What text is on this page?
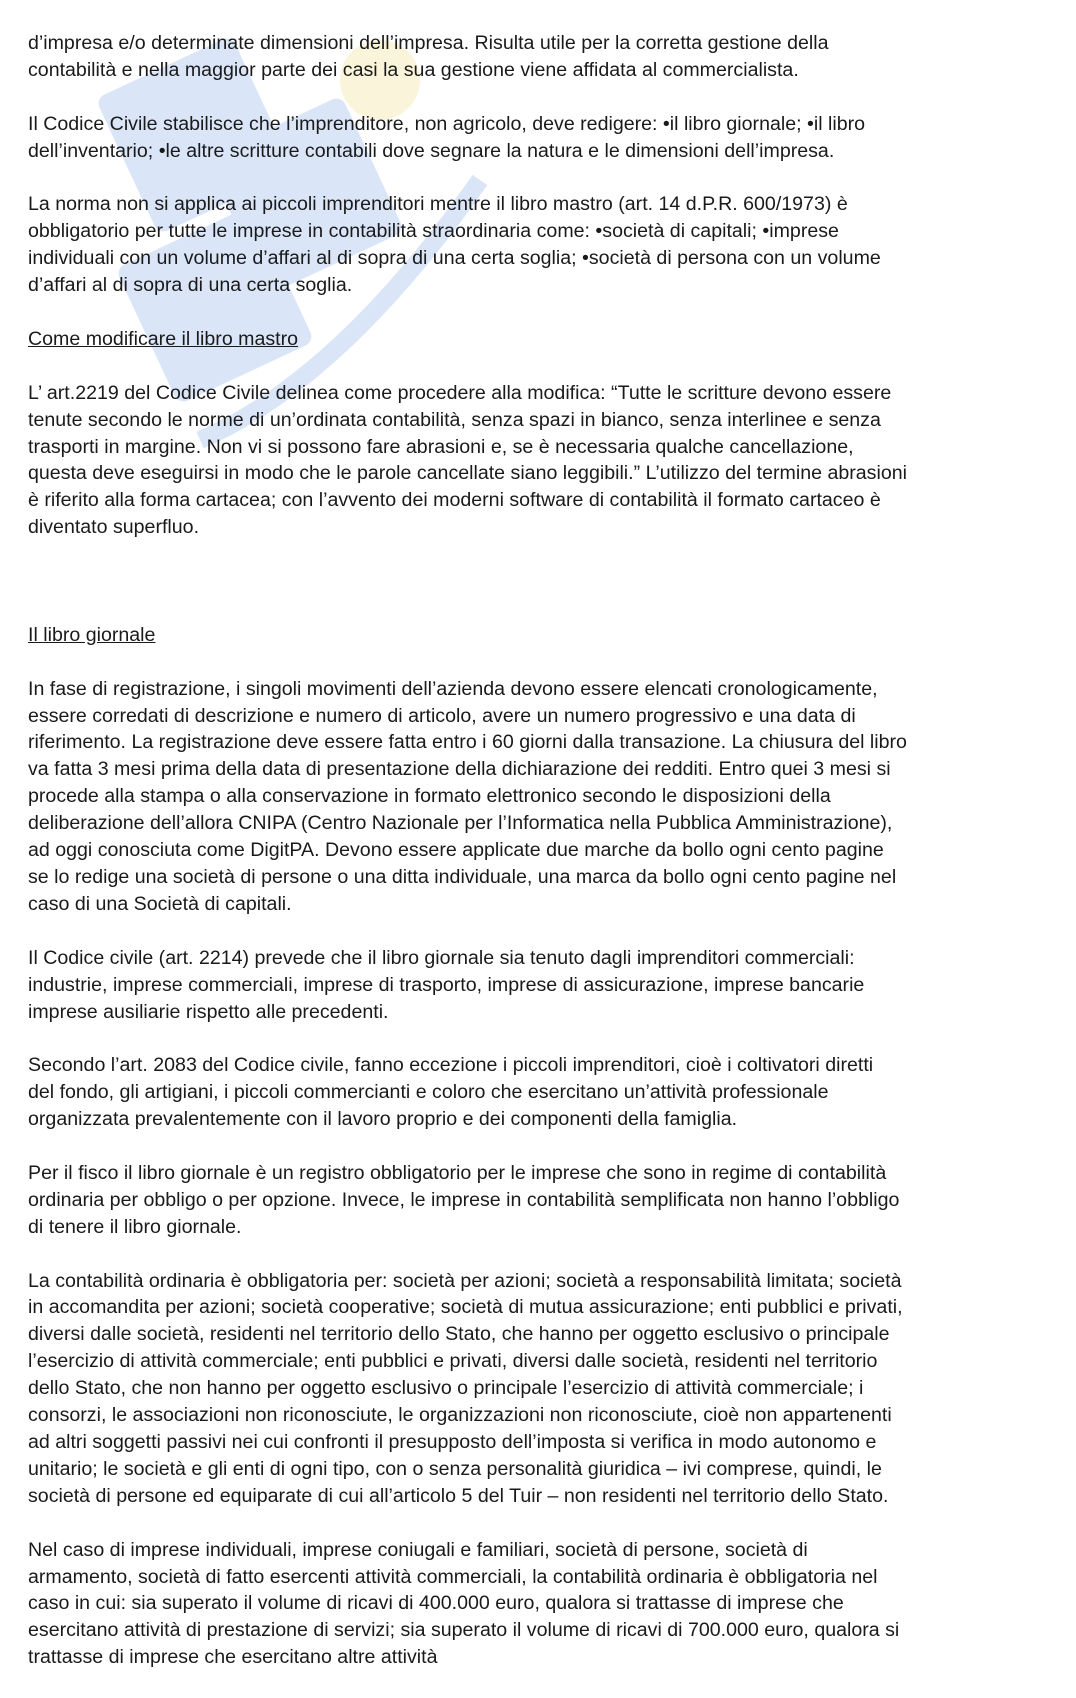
d’impresa e/o determinate dimensioni dell’impresa. Risulta utile per la corretta gestione della
contabilità e nella maggior parte dei casi la sua gestione viene affidata al commercialista.

Il Codice Civile stabilisce che l’imprenditore, non agricolo, deve redigere: •il libro giornale; •il libro
dell’inventario; •le altre scritture contabili dove segnare la natura e le dimensioni dell’impresa.

La norma non si applica ai piccoli imprenditori mentre il libro mastro (art. 14 d.P.R. 600/1973) è
obbligatorio per tutte le imprese in contabilità straordinaria come: •società di capitali; •imprese
individuali con un volume d’affari al di sopra di una certa soglia; •società di persona con un volume
d’affari al di sopra di una certa soglia.

Come modificare il libro mastro

L’ art.2219 del Codice Civile delinea come procedere alla modifica: “Tutte le scritture devono essere
tenute secondo le norme di un’ordinata contabilità, senza spazi in bianco, senza interlinee e senza
trasporti in margine. Non vi si possono fare abrasioni e, se è necessaria qualche cancellazione,
questa deve eseguirsi in modo che le parole cancellate siano leggibili.” L’utilizzo del termine abrasioni
è riferito alla forma cartacea; con l’avvento dei moderni software di contabilità il formato cartaceo è
diventato superfluo.

Il libro giornale

In fase di registrazione, i singoli movimenti dell’azienda devono essere elencati cronologicamente,
essere corredati di descrizione e numero di articolo, avere un numero progressivo e una data di
riferimento. La registrazione deve essere fatta entro i 60 giorni dalla transazione. La chiusura del libro
va fatta 3 mesi prima della data di presentazione della dichiarazione dei redditi. Entro quei 3 mesi si
procede alla stampa o alla conservazione in formato elettronico secondo le disposizioni della
deliberazione dell’allora CNIPA (Centro Nazionale per l’Informatica nella Pubblica Amministrazione),
ad oggi conosciuta come DigitPA. Devono essere applicate due marche da bollo ogni cento pagine
se lo redige una società di persone o una ditta individuale, una marca da bollo ogni cento pagine nel
caso di una Società di capitali.

Il Codice civile (art. 2214) prevede che il libro giornale sia tenuto dagli imprenditori commerciali:
industrie, imprese commerciali, imprese di trasporto, imprese di assicurazione, imprese bancarie
imprese ausiliarie rispetto alle precedenti.

Secondo l’art. 2083 del Codice civile, fanno eccezione i piccoli imprenditori, cioè i coltivatori diretti
del fondo, gli artigiani, i piccoli commercianti e coloro che esercitano un’attività professionale
organizzata prevalentemente con il lavoro proprio e dei componenti della famiglia.

Per il fisco il libro giornale è un registro obbligatorio per le imprese che sono in regime di contabilità
ordinaria per obbligo o per opzione. Invece, le imprese in contabilità semplificata non hanno l’obbligo
di tenere il libro giornale.

La contabilità ordinaria è obbligatoria per: società per azioni; società a responsabilità limitata; società
in accomandita per azioni; società cooperative; società di mutua assicurazione; enti pubblici e privati,
diversi dalle società, residenti nel territorio dello Stato, che hanno per oggetto esclusivo o principale
l’esercizio di attività commerciale; enti pubblici e privati, diversi dalle società, residenti nel territorio
dello Stato, che non hanno per oggetto esclusivo o principale l’esercizio di attività commerciale; i
consorzi, le associazioni non riconosciute, le organizzazioni non riconosciute, cioè non appartenenti
ad altri soggetti passivi nei cui confronti il presupposto dell’imposta si verifica in modo autonomo e
unitario; le società e gli enti di ogni tipo, con o senza personalità giuridica – ivi comprese, quindi, le
società di persone ed equiparate di cui all’articolo 5 del Tuir – non residenti nel territorio dello Stato.

Nel caso di imprese individuali, imprese coniugali e familiari, società di persone, società di
armamento, società di fatto esercenti attività commerciali, la contabilità ordinaria è obbligatoria nel
caso in cui: sia superato il volume di ricavi di 400.000 euro, qualora si trattasse di imprese che
esercitano attività di prestazione di servizi; sia superato il volume di ricavi di 700.000 euro, qualora si
trattasse di imprese che esercitano altre attività
